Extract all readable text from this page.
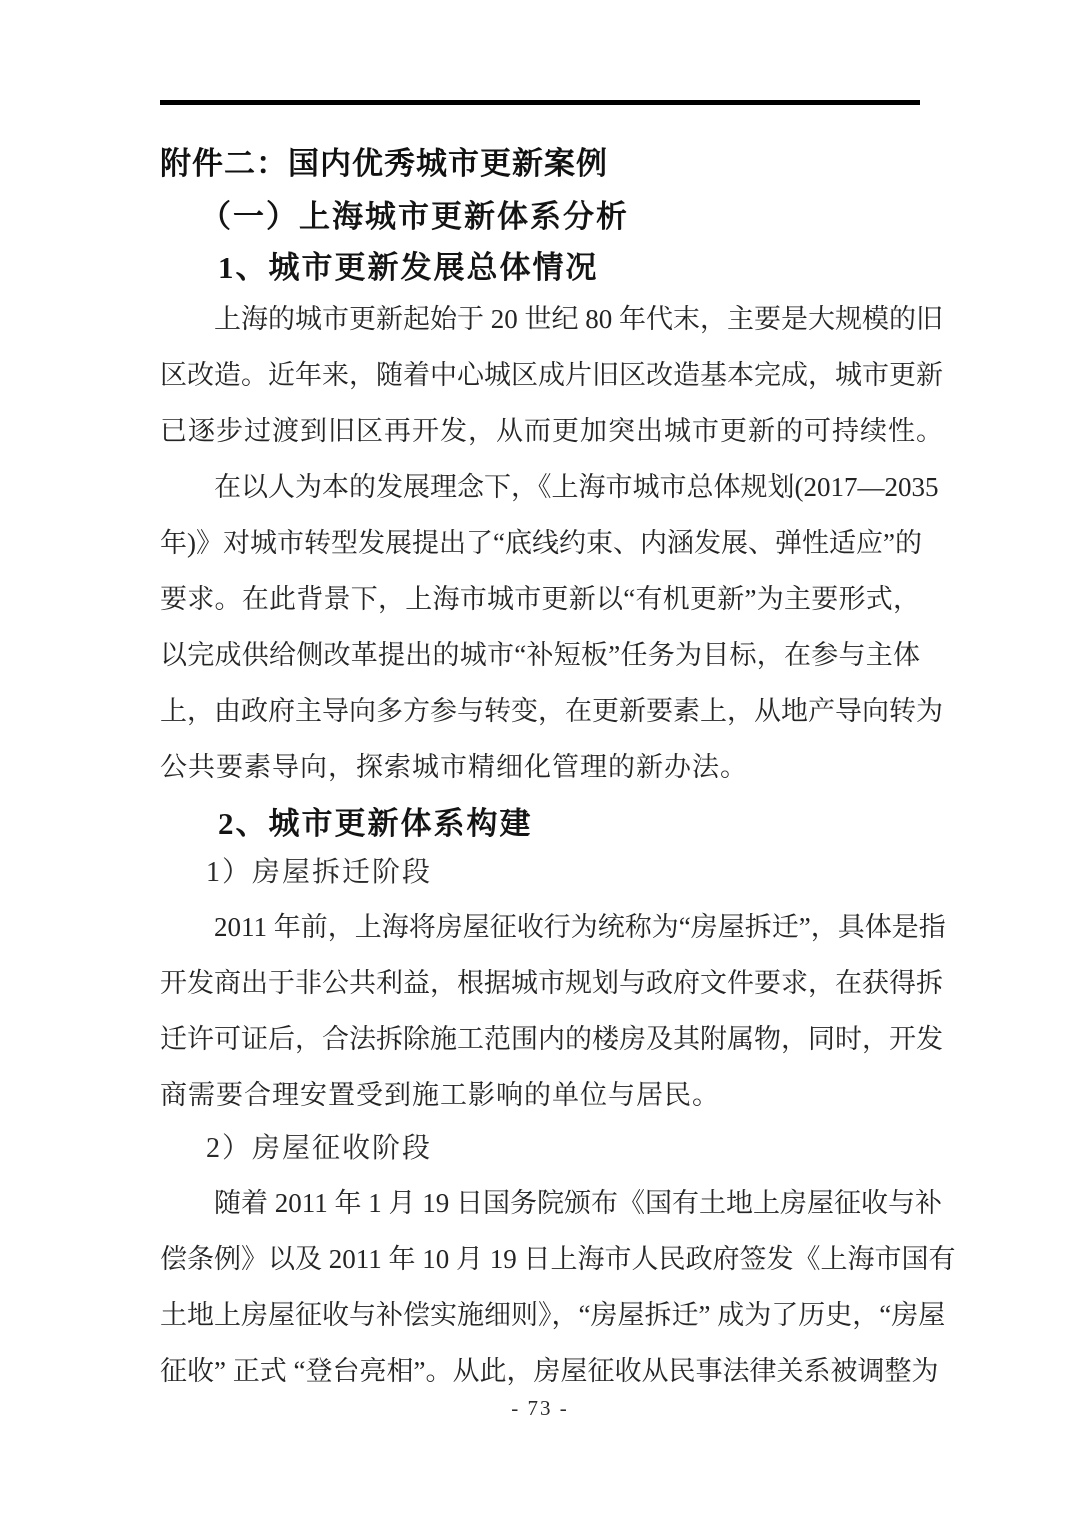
附件二：国内优秀城市更新案例
（一）上海城市更新体系分析
1、城市更新发展总体情况
上海的城市更新起始于 20 世纪 80 年代末，主要是大规模的旧
区改造。近年来，随着中心城区成片旧区改造基本完成，城市更新
已逐步过渡到旧区再开发，从而更加突出城市更新的可持续性。
在以人为本的发展理念下，《上海市城市总体规划(2017—2035
年)》对城市转型发展提出了“底线约束、内涵发展、弹性适应”的
要求。在此背景下，上海市城市更新以“有机更新”为主要形式，
以完成供给侧改革提出的城市“补短板”任务为目标，在参与主体
上，由政府主导向多方参与转变，在更新要素上，从地产导向转为
公共要素导向，探索城市精细化管理的新办法。
2、城市更新体系构建
1）房屋拆迁阶段
2011 年前，上海将房屋征收行为统称为“房屋拆迁”，具体是指
开发商出于非公共利益，根据城市规划与政府文件要求，在获得拆
迁许可证后，合法拆除施工范围内的楼房及其附属物，同时，开发
商需要合理安置受到施工影响的单位与居民。
2）房屋征收阶段
随着 2011 年 1 月 19 日国务院颁布《国有土地上房屋征收与补
偿条例》以及 2011 年 10 月 19 日上海市人民政府签发《上海市国有
土地上房屋征收与补偿实施细则》，“房屋拆迁” 成为了历史，“房屋
征收” 正式 “登台亮相”。从此，房屋征收从民事法律关系被调整为
- 73 -
